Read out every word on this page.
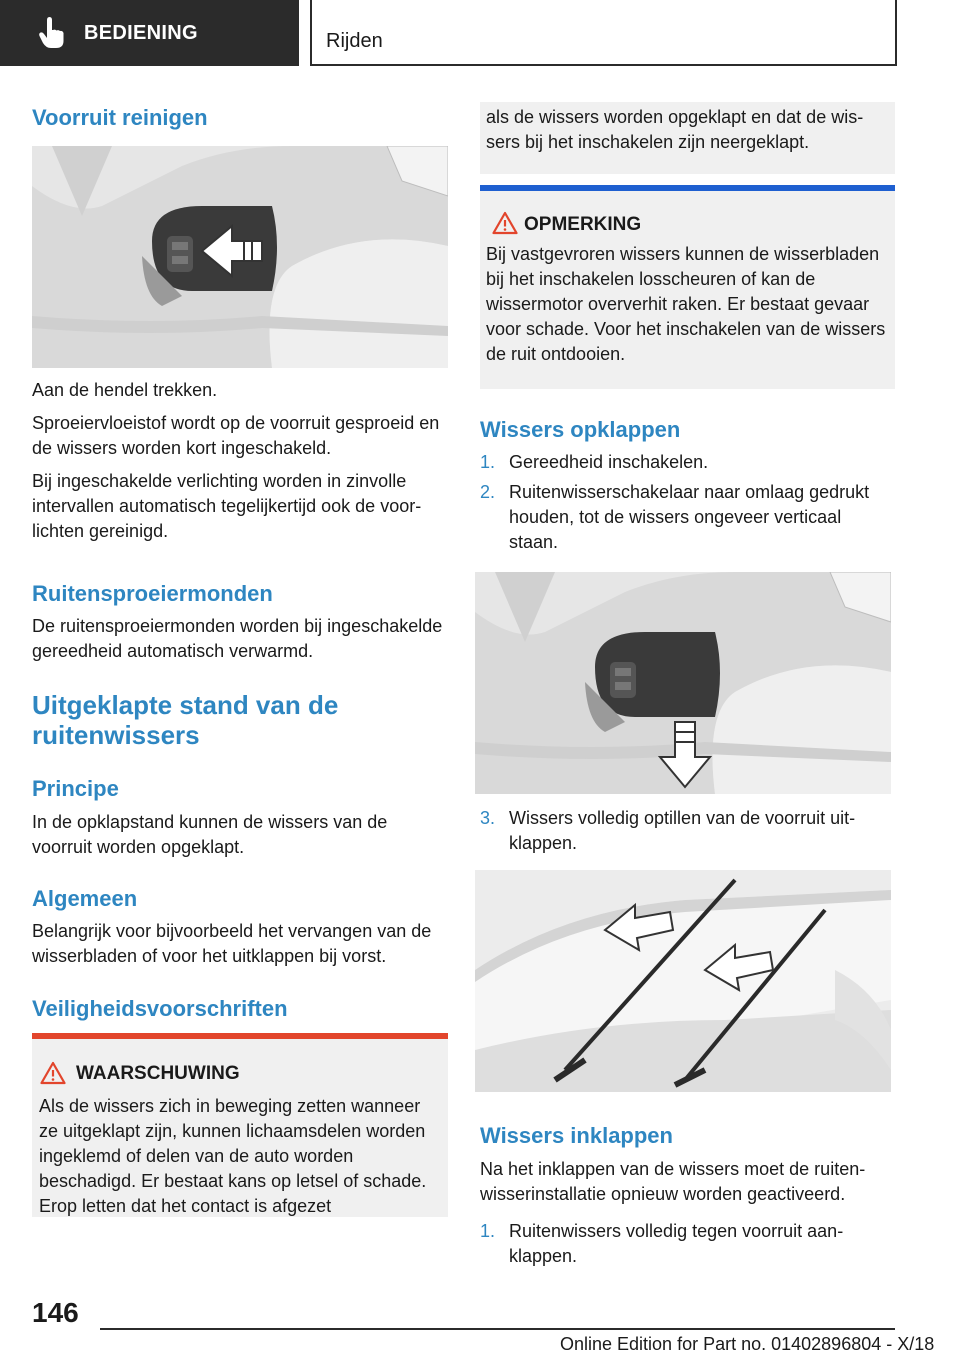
BEDIENING	Rijden
Voorruit reinigen

Aan de hendel trekken.

Sproeiervloeistof wordt op de voorruit gesproeid en de wissers worden kort ingeschakeld.

Bij ingeschakelde verlichting worden in zinvolle intervallen automatisch tegelijkertijd ook de voorlichten gereinigd.

Ruitensproeiermonden

De ruitensproeiermonden worden bij ingeschakelde gereedheid automatisch verwarmd.

Uitgeklapte stand van de ruitenwissers
Principe

In de opklapstand kunnen de wissers van de voorruit worden opgeklapt.

Algemeen

Belangrijk voor bijvoorbeeld het vervangen van de wisserbladen of voor het uitklappen bij vorst.

Veiligheidsvoorschriften
WAARSCHUWING

Als de wissers zich in beweging zetten wanneer ze uitgeklapt zijn, kunnen lichaamsdelen worden ingeklemd of delen van de auto worden beschadigd. Er bestaat kans op letsel of schade. Erop letten dat het contact is afgezet

als de wissers worden opgeklapt en dat de wissers bij het inschakelen zijn neergeklapt.

OPMERKING

Bij vastgevroren wissers kunnen de wisserbladen bij het inschakelen losscheuren of kan de wissermotor oververhit raken. Er bestaat gevaar voor schade. Voor het inschakelen van de wissers de ruit ontdooien.

Wissers opklappen
1. Gereedheid inschakelen.
2. Ruitenwisserschakelaar naar omlaag gedrukt houden, tot de wissers ongeveer verticaal staan.
3. Wissers volledig optillen van de voorruit uitklappen.
Wissers inklappen

Na het inklappen van de wissers moet de ruitenwisserinstallatie opnieuw worden geactiveerd.

1. Ruitenwissers volledig tegen voorruit aanklappen.
146
Online Edition for Part no. 01402896804 - X/18
